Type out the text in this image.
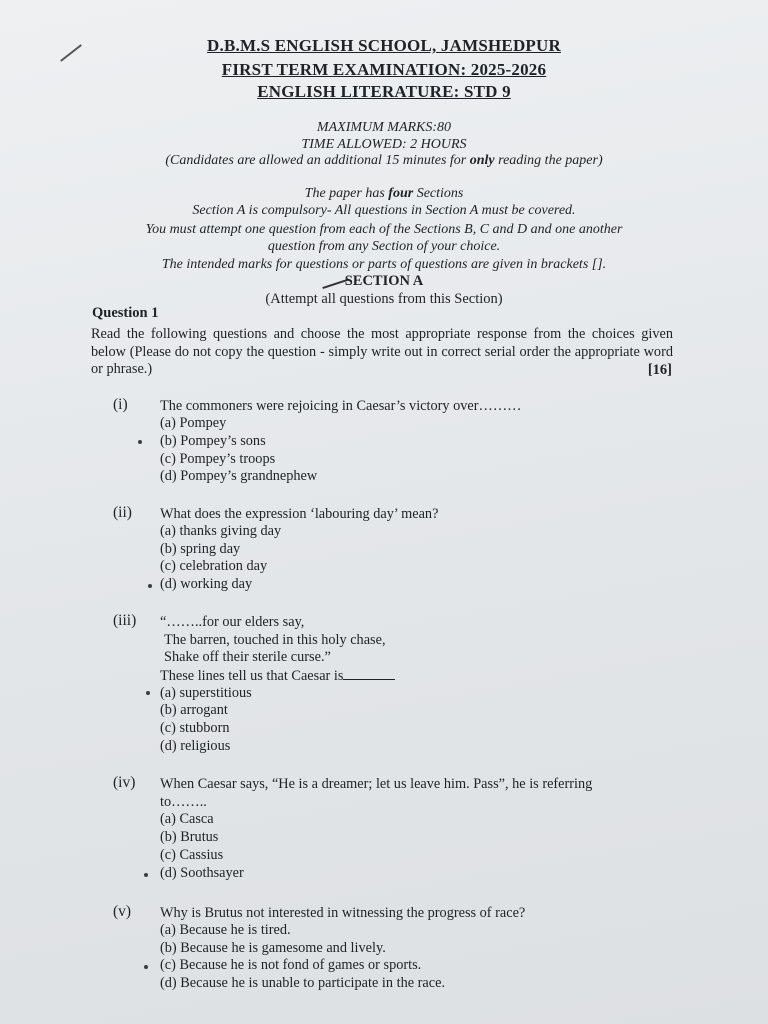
D.B.M.S ENGLISH SCHOOL, JAMSHEDPUR
FIRST TERM EXAMINATION: 2025-2026
ENGLISH LITERATURE: STD 9
MAXIMUM MARKS:80
TIME ALLOWED: 2 HOURS
(Candidates are allowed an additional 15 minutes for only reading the paper)
The paper has four Sections
Section A is compulsory- All questions in Section A must be covered.
You must attempt one question from each of the Sections B, C and D and one another
question from any Section of your choice.
The intended marks for questions or parts of questions are given in brackets [].
SECTION A
(Attempt all questions from this Section)
Question 1
Read the following questions and choose the most appropriate response from the choices given below (Please do not copy the question - simply write out in correct serial order the appropriate word or phrase.)	[16]
(i) The commoners were rejoicing in Caesar’s victory over………
(a) Pompey
(b) Pompey’s sons
(c) Pompey’s troops
(d) Pompey’s grandnephew
(ii) What does the expression ‘labouring day’ mean?
(a) thanks giving day
(b) spring day
(c) celebration day
(d) working day
(iii) “……..for our elders say,
The barren, touched in this holy chase,
Shake off their sterile curse.”
These lines tell us that Caesar is
(a) superstitious
(b) arrogant
(c) stubborn
(d) religious
(iv) When Caesar says, “He is a dreamer; let us leave him. Pass”, he is referring
to……..
(a) Casca
(b) Brutus
(c) Cassius
(d) Soothsayer
(v) Why is Brutus not interested in witnessing the progress of race?
(a) Because he is tired.
(b) Because he is gamesome and lively.
(c) Because he is not fond of games or sports.
(d) Because he is unable to participate in the race.
